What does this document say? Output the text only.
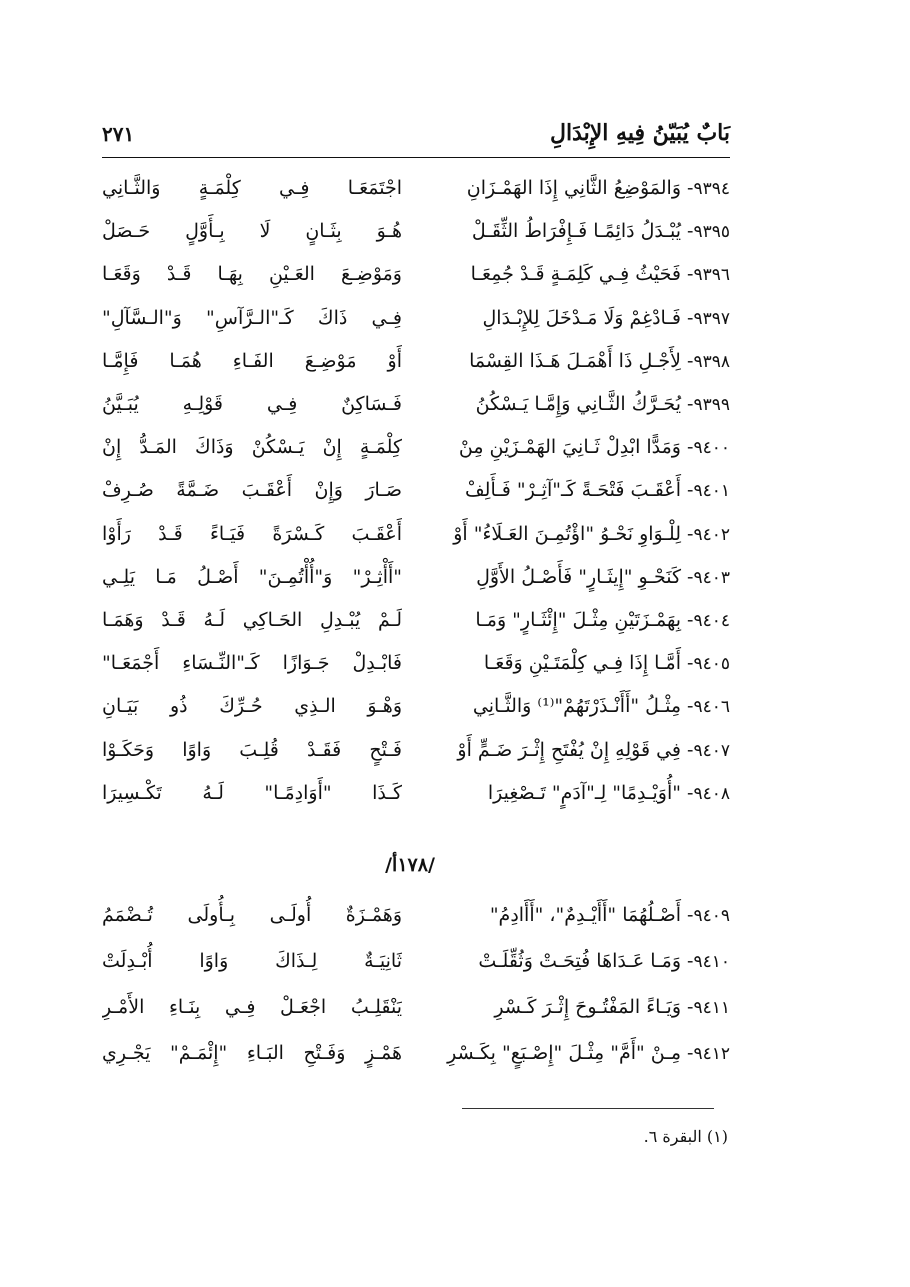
بَابٌ يُبَيّنُ فِيهِ الإِبْدَالِ
٢٧١
٩٣٩٤- وَالمَوْضِعُ الثَّانِي إِذَا الهَمْـزَانِ
اجْتَمَعَـا فِـي كِلْمَـةٍ وَالثَّـانِي
٩٣٩٥- يُبْـدَلُ دَائِمًـا فَـإِفْرَاطُ الثِّقَـلْ
هُـوَ بِثَـانٍ لَا بِـأَوَّلٍ حَـصَلْ
٩٣٩٦- فَحَيْثُ فِـي كَلِمَـةٍ قَـدْ جُمِعَـا
وَمَوْضِـعَ العَـيْنِ بِهَـا قَـدْ وَقَعَـا
٩٣٩٧- فَـادْغِمْ وَلَا مَـدْخَلَ لِلإِبْـدَالِ
فِـي ذَاكَ كَـ"الـرَّآسِ" وَ"الـسَّآلِ"
٩٣٩٨- لِأَجْـلِ ذَا أَهْمَـلَ هَـذَا القِسْمَا
أَوْ مَوْضِـعَ الفَـاءِ هُمَـا فَإِمَّـا
٩٣٩٩- يُحَـرَّكُ الثَّـانِي وَإِمَّـا يَـسْكُنُ
فَـسَاكِنٌ فِـي قَوْلِـهِ يُبَـيَّنُ
٩٤٠٠- وَمَدًّا ابْدِلْ ثَـانِيَ الهَمْـزَيْنِ مِنْ
كِلْمَـةٍ إِنْ يَـسْكُنْ وَذَاكَ المَـدُّ إِنْ
٩٤٠١- أَعْقَـبَ فَتْحَـةً كَـ"آثِـرْ" فَـأَلِفْ
صَـارَ وَإِنْ أَعْقَـبَ ضَـمَّةً صُـرِفْ
٩٤٠٢- لِلْـوَاوِ نَحْـوُ "اؤْتُمِـنَ العَـلَاءُ" أَوْ
أَعْقَـبَ كَـسْرَةً فَيَـاءً قَـدْ رَأَوْا
٩٤٠٣- كَنَحْـوِ "إِيثَـارٍ" فَأَصْـلُ الأَوَّلِ
"أَأْثِـرْ" وَ"أُأْتُمِـنَ" أَصْـلُ مَـا يَلِـي
٩٤٠٤- بِهَمْـزَتَيْنِ مِثْـلَ "إِئْثَـارٍ" وَمَـا
لَـمْ يُبْـدِلِ الحَـاكِي لَـهُ قَـدْ وَهَمَـا
٩٤٠٥- أَمَّـا إِذَا فِـي كِلْمَتَـيْنِ وَقَعَـا
فَابْـدِلْ جَـوَازًا كَـ"النِّـسَاءِ أَجْمَعَـا"
٩٤٠٦- مِثْـلُ "أَأَنْـذَرْتَهُمْ"⁽¹⁾ وَالثَّـانِي
وَهْـوَ الـذِي حُـرِّكَ ذُو بَيَـانِ
٩٤٠٧- فِي قَوْلِهِ إِنْ يُفْتَحِ إِثْـرَ ضَـمٍّ أَوْ
فَـتْحٍ فَقَـدْ قُلِـبَ وَاوًا وَحَكَـوْا
٩٤٠٨- "أُوَيْـدِمًا" لِـ"آدَمٍ" تَـصْغِيرَا
كَـذَا "أَوَادِمًـا" لَـهُ تَكْـسِيرَا
٩٤٠٩- أَصْـلُهُمَا "أَأَيْـدِمٌ"، "أَأَادِمُ"
وَهَمْـزَةٌ أُولَـى بِـأُولَى تُـضْمَمُ
٩٤١٠- وَمَـا عَـدَاهَا فُتِحَـتْ وَثُقِّلَـتْ
ثَانِيَـةٌ لِـذَاكَ وَاوًا أُبْـدِلَتْ
٩٤١١- وَيَـاءً المَفْتُـوحَ إِثْـرَ كَـسْرِ
يَنْقَلِـبُ اجْعَـلْ فِـي بِنَـاءِ الأَمْـرِ
٩٤١٢- مِـنْ "أَمَّ" مِثْـلَ "إِصْـبَعٍ" بِكَـسْرِ
هَمْـزٍ وَفَـتْحِ البَـاءِ "إِئْمَـمْ" يَجْـرِي
/١٧٨أ/
(١) البقرة ٦.
